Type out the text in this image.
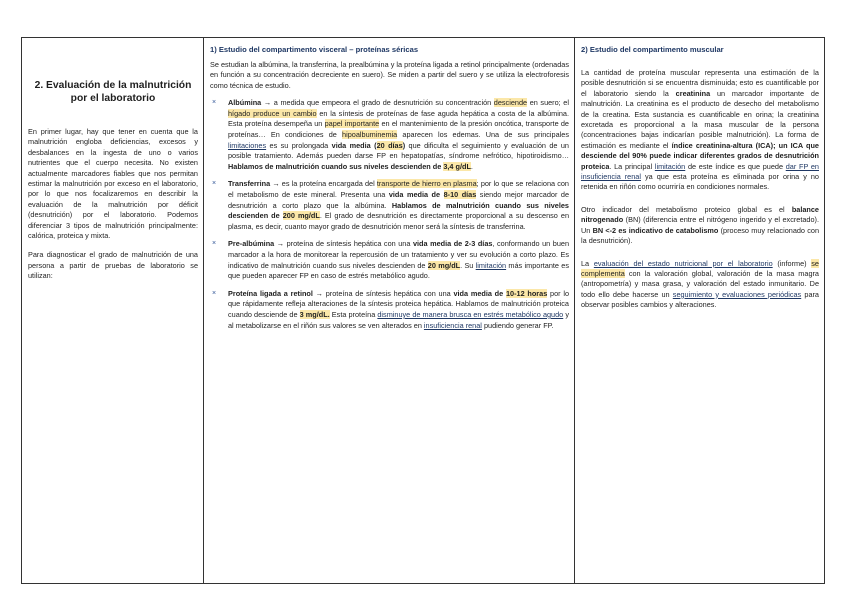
2. Evaluación de la malnutrición por el laboratorio

En primer lugar, hay que tener en cuenta que la malnutrición engloba deficiencias, excesos y desbalances en la ingesta de uno o varios nutrientes que el cuerpo necesita. No existen actualmente marcadores fiables que nos permitan estimar la malnutrición por exceso en el laboratorio, por lo que nos focalizaremos en describir la evaluación de la malnutrición por déficit (desnutrición) por el laboratorio. Podemos diferenciar 3 tipos de malnutrición principalmente: calórica, proteica y mixta.

Para diagnosticar el grado de malnutrición de una persona a partir de pruebas de laboratorio se utilizan:

1) Estudio del compartimento visceral – proteínas séricas

Se estudian la albúmina, la transferrina, la prealbúmina y la proteína ligada a retinol principalmente (ordenadas en función a su concentración decreciente en suero). Se miden a partir del suero y se utiliza la electroforesis como técnica de estudio.

× Albúmina → a medida que empeora el grado de desnutrición su concentración desciende en suero; el hígado produce un cambio en la síntesis de proteínas de fase aguda hepática a costa de la albúmina. Esta proteína desempeña un papel importante en el mantenimiento de la presión oncótica, transporte de proteínas… En condiciones de hipoalbuminemia aparecen los edemas. Una de sus principales limitaciones es su prolongada vida media (20 días) que dificulta el seguimiento y evaluación de un posible tratamiento. Además pueden darse FP en hepatopatías, síndrome nefrótico, hipotiroidismo… Hablamos de malnutrición cuando sus niveles descienden de 3,4 g/dL.
× Transferrina → es la proteína encargada del transporte de hierro en plasma; por lo que se relaciona con el metabolismo de este mineral. Presenta una vida media de 8-10 días siendo mejor marcador de desnutrición a corto plazo que la albúmina. Hablamos de malnutrición cuando sus niveles descienden de 200 mg/dL. El grado de desnutrición es directamente proporcional a su descenso en plasma, es decir, cuanto mayor grado de desnutrición menor será la síntesis de transferrina.
× Pre-albúmina → proteína de síntesis hepática con una vida media de 2-3 días, conformando un buen marcador a la hora de monitorear la repercusión de un tratamiento y ver su evolución a corto plazo. Es indicativo de malnutrición cuando sus niveles descienden de 20 mg/dL. Su limitación más importante es que pueden aparecer FP en caso de estrés metabólico agudo.
× Proteína ligada a retinol → proteína de síntesis hepática con una vida media de 10-12 horas por lo que rápidamente refleja alteraciones de la síntesis proteica hepática. Hablamos de malnutrición proteica cuando desciende de 3 mg/dL. Esta proteína disminuye de manera brusca en estrés metabólico agudo y al metabolizarse en el riñón sus valores se ven alterados en insuficiencia renal pudiendo generar FP.
2) Estudio del compartimento muscular

La cantidad de proteína muscular representa una estimación de la posible desnutrición si se encuentra disminuida; esto es cuantificable por el laboratorio siendo la creatinina un marcador importante de malnutrición. La creatinina es el producto de desecho del metabolismo de la creatina. Esta sustancia es cuantificable en orina; la creatinina excretada es proporcional a la masa muscular de la persona (concentraciones bajas indicarían posible malnutrición). La forma de estimación es mediante el índice creatinina-altura (ICA); un ICA que desciende del 90% puede indicar diferentes grados de desnutrición proteica. La principal limitación de este índice es que puede dar FP en insuficiencia renal ya que esta proteína es eliminada por orina y no retenida en riñón como ocurriría en condiciones normales.

Otro indicador del metabolismo proteico global es el balance nitrogenado (BN) (diferencia entre el nitrógeno ingerido y el excretado). Un BN <-2 es indicativo de catabolismo (proceso muy relacionado con la desnutrición).

La evaluación del estado nutricional por el laboratorio (informe) se complementa con la valoración global, valoración de la masa magra (antropometría) y masa grasa, y valoración del estado inmunitario. De todo ello debe hacerse un seguimiento y evaluaciones periódicas para observar posibles cambios y alteraciones.
